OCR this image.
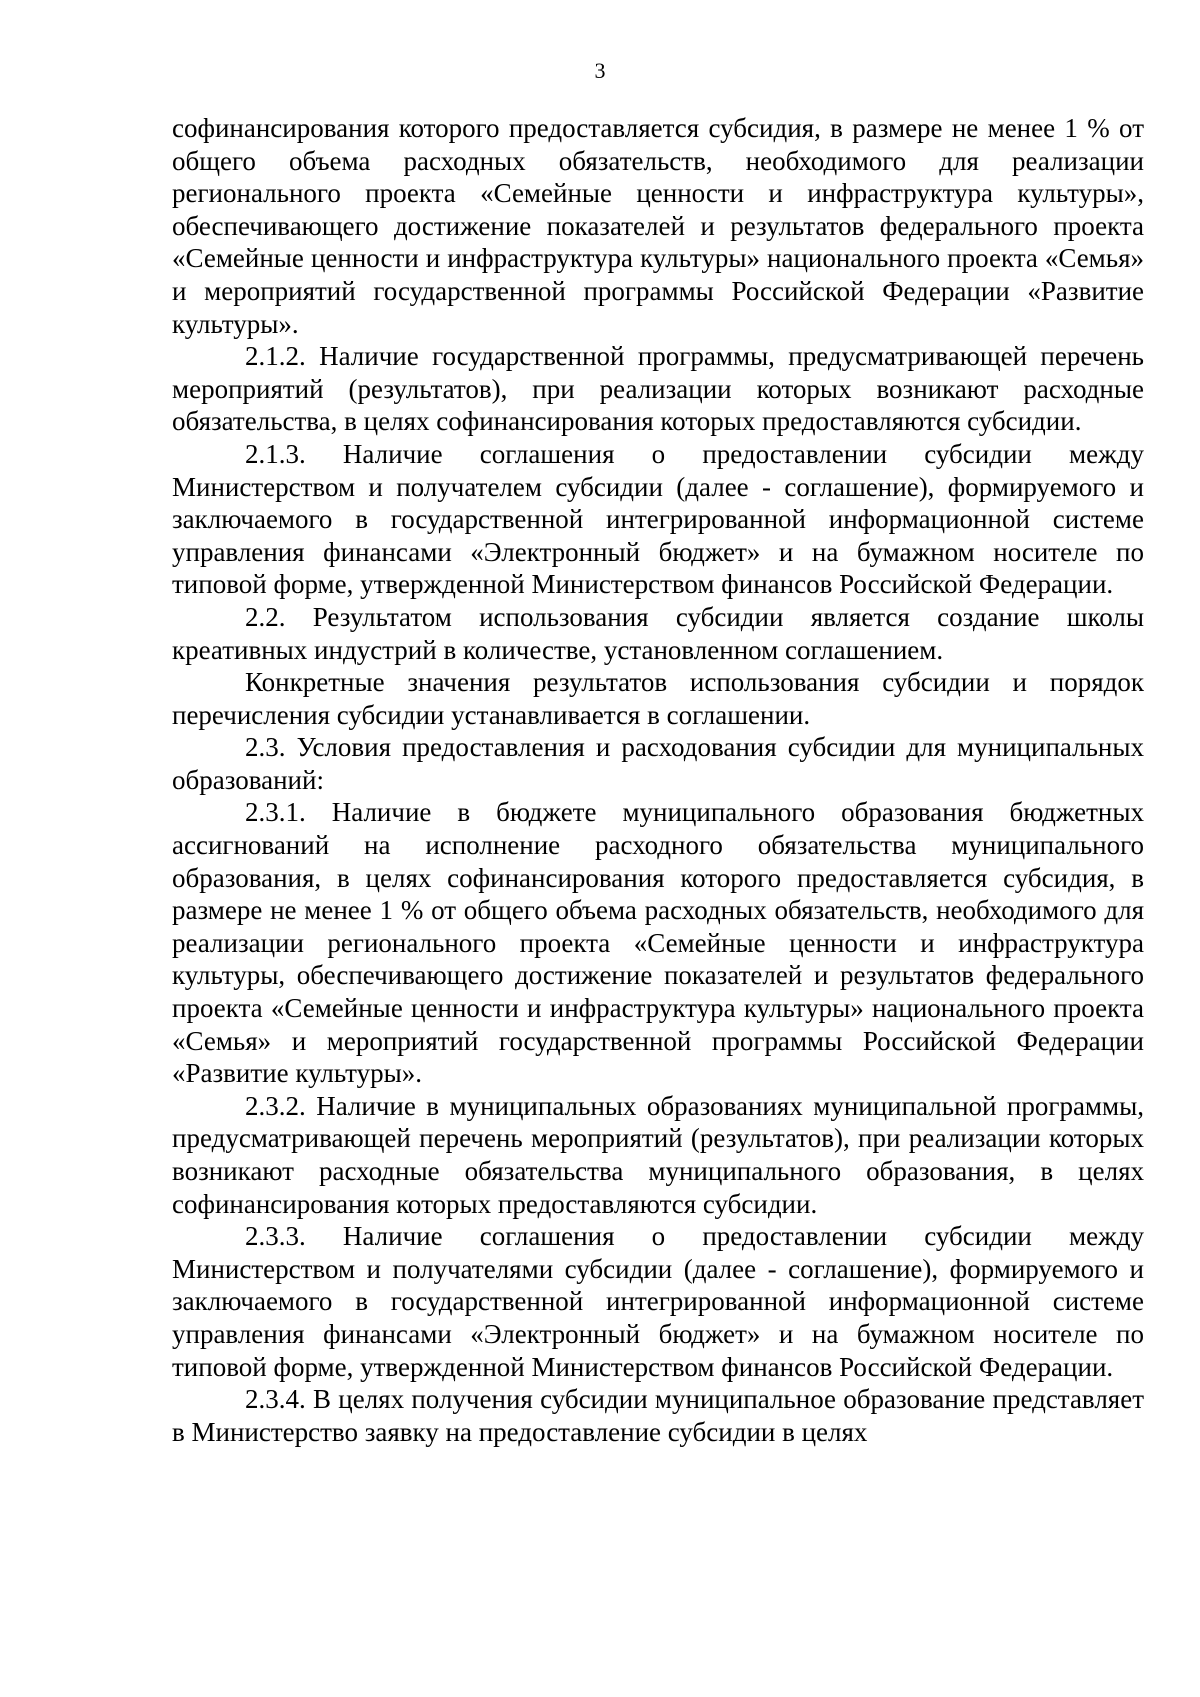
3

софинансирования которого предоставляется субсидия, в размере не менее 1 % от общего объема расходных обязательств, необходимого для реализации регионального проекта «Семейные ценности и инфраструктура культуры», обеспечивающего достижение показателей и результатов федерального проекта «Семейные ценности и инфраструктура культуры» национального проекта «Семья» и мероприятий государственной программы Российской Федерации «Развитие культуры».

2.1.2. Наличие государственной программы, предусматривающей перечень мероприятий (результатов), при реализации которых возникают расходные обязательства, в целях софинансирования которых предоставляются субсидии.

2.1.3. Наличие соглашения о предоставлении субсидии между Министерством и получателем субсидии (далее - соглашение), формируемого и заключаемого в государственной интегрированной информационной системе управления финансами «Электронный бюджет» и на бумажном носителе по типовой форме, утвержденной Министерством финансов Российской Федерации.

2.2. Результатом использования субсидии является создание школы креативных индустрий в количестве, установленном соглашением.

Конкретные значения результатов использования субсидии и порядок перечисления субсидии устанавливается в соглашении.

2.3. Условия предоставления и расходования субсидии для муниципальных образований:

2.3.1. Наличие в бюджете муниципального образования бюджетных ассигнований на исполнение расходного обязательства муниципального образования, в целях софинансирования которого предоставляется субсидия, в размере не менее 1 % от общего объема расходных обязательств, необходимого для реализации регионального проекта «Семейные ценности и инфраструктура культуры, обеспечивающего достижение показателей и результатов федерального проекта «Семейные ценности и инфраструктура культуры» национального проекта «Семья» и мероприятий государственной программы Российской Федерации «Развитие культуры».

2.3.2. Наличие в муниципальных образованиях муниципальной программы, предусматривающей перечень мероприятий (результатов), при реализации которых возникают расходные обязательства муниципального образования, в целях софинансирования которых предоставляются субсидии.

2.3.3. Наличие соглашения о предоставлении субсидии между Министерством и получателями субсидии (далее - соглашение), формируемого и заключаемого в государственной интегрированной информационной системе управления финансами «Электронный бюджет» и на бумажном носителе по типовой форме, утвержденной Министерством финансов Российской Федерации.

2.3.4. В целях получения субсидии муниципальное образование представляет в Министерство заявку на предоставление субсидии в целях
